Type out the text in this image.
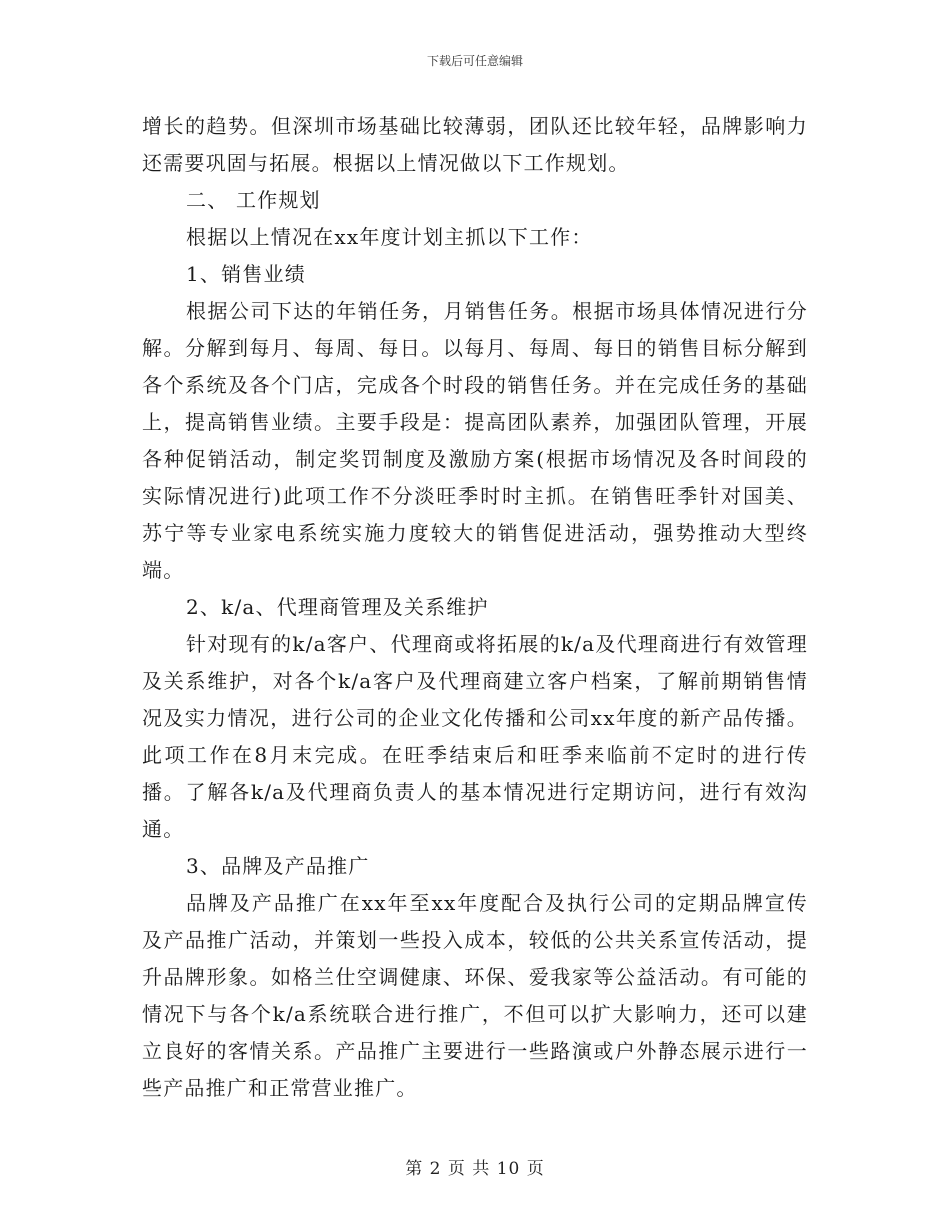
下载后可任意编辑

增长的趋势。但深圳市场基础比较薄弱，团队还比较年轻，品牌影响力还需要巩固与拓展。根据以上情况做以下工作规划。

二、 工作规划

根据以上情况在xx年度计划主抓以下工作：

1、销售业绩

根据公司下达的年销任务，月销售任务。根据市场具体情况进行分解。分解到每月、每周、每日。以每月、每周、每日的销售目标分解到各个系统及各个门店，完成各个时段的销售任务。并在完成任务的基础上，提高销售业绩。主要手段是：提高团队素养，加强团队管理，开展各种促销活动，制定奖罚制度及激励方案(根据市场情况及各时间段的实际情况进行)此项工作不分淡旺季时时主抓。在销售旺季针对国美、苏宁等专业家电系统实施力度较大的销售促进活动，强势推动大型终端。

2、k/a、代理商管理及关系维护

针对现有的k/a客户、代理商或将拓展的k/a及代理商进行有效管理及关系维护，对各个k/a客户及代理商建立客户档案，了解前期销售情况及实力情况，进行公司的企业文化传播和公司xx年度的新产品传播。此项工作在8月末完成。在旺季结束后和旺季来临前不定时的进行传播。了解各k/a及代理商负责人的基本情况进行定期访问，进行有效沟通。

3、品牌及产品推广

品牌及产品推广在xx年至xx年度配合及执行公司的定期品牌宣传及产品推广活动，并策划一些投入成本，较低的公共关系宣传活动，提升品牌形象。如格兰仕空调健康、环保、爱我家等公益活动。有可能的情况下与各个k/a系统联合进行推广，不但可以扩大影响力，还可以建立良好的客情关系。产品推广主要进行一些路演或户外静态展示进行一些产品推广和正常营业推广。

第 2 页 共 10 页
